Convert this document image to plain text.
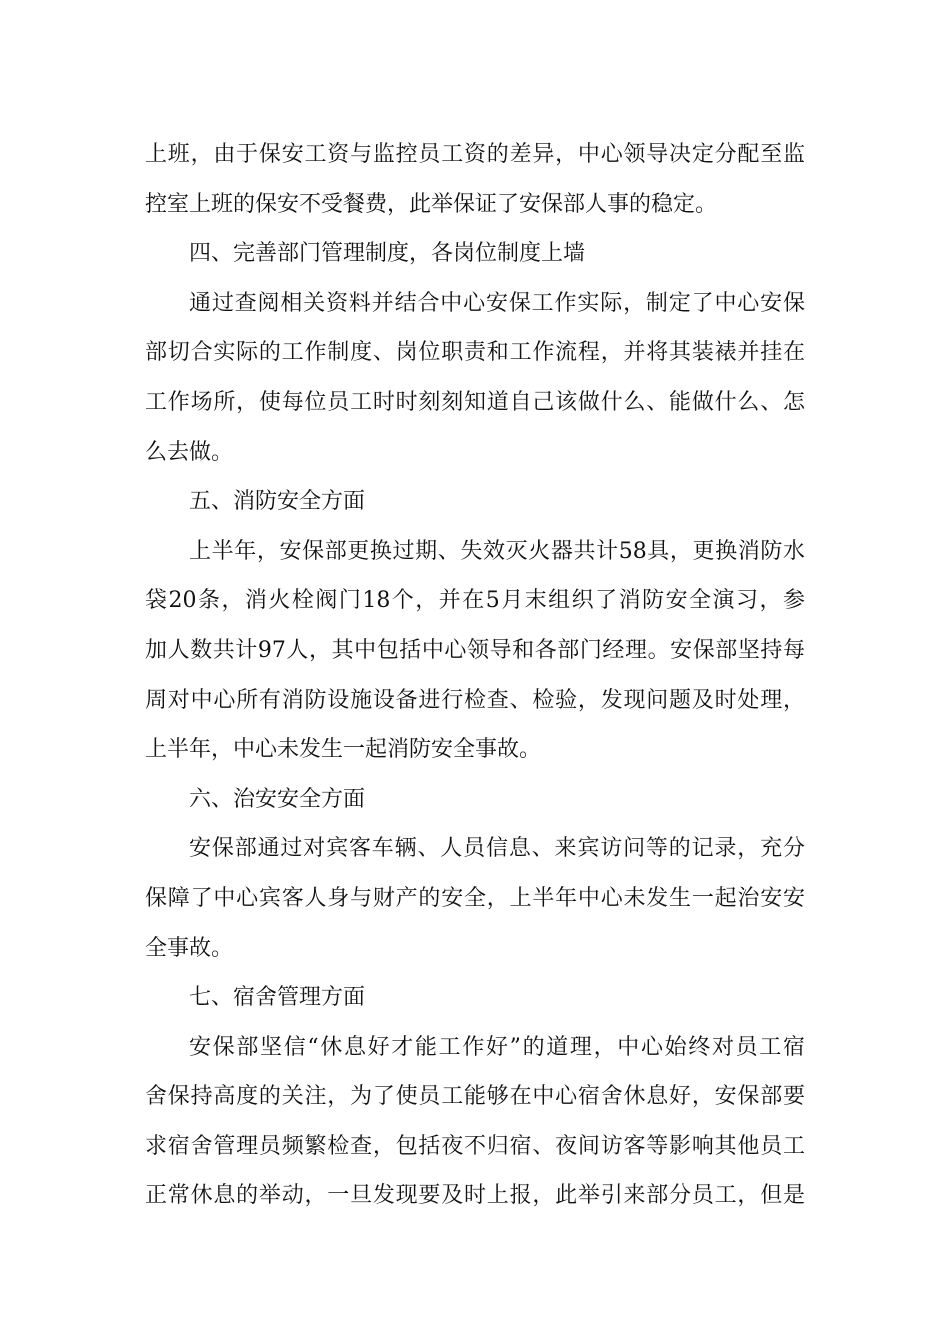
上班，由于保安工资与监控员工资的差异，中心领导决定分配至监
控室上班的保安不受餐费，此举保证了安保部人事的稳定。
四、完善部门管理制度，各岗位制度上墙
通过查阅相关资料并结合中心安保工作实际，制定了中心安保
部切合实际的工作制度、岗位职责和工作流程，并将其装裱并挂在
工作场所，使每位员工时时刻刻知道自己该做什么、能做什么、怎
么去做。
五、消防安全方面
上半年，安保部更换过期、失效灭火器共计58具，更换消防水
袋20条，消火栓阀门18个，并在5月末组织了消防安全演习，参
加人数共计97人，其中包括中心领导和各部门经理。安保部坚持每
周对中心所有消防设施设备进行检查、检验，发现问题及时处理，
上半年，中心未发生一起消防安全事故。
六、治安安全方面
安保部通过对宾客车辆、人员信息、来宾访问等的记录，充分
保障了中心宾客人身与财产的安全，上半年中心未发生一起治安安
全事故。
七、宿舍管理方面
安保部坚信“休息好才能工作好”的道理，中心始终对员工宿
舍保持高度的关注，为了使员工能够在中心宿舍休息好，安保部要
求宿舍管理员频繁检查，包括夜不归宿、夜间访客等影响其他员工
正常休息的举动，一旦发现要及时上报，此举引来部分员工，但是
